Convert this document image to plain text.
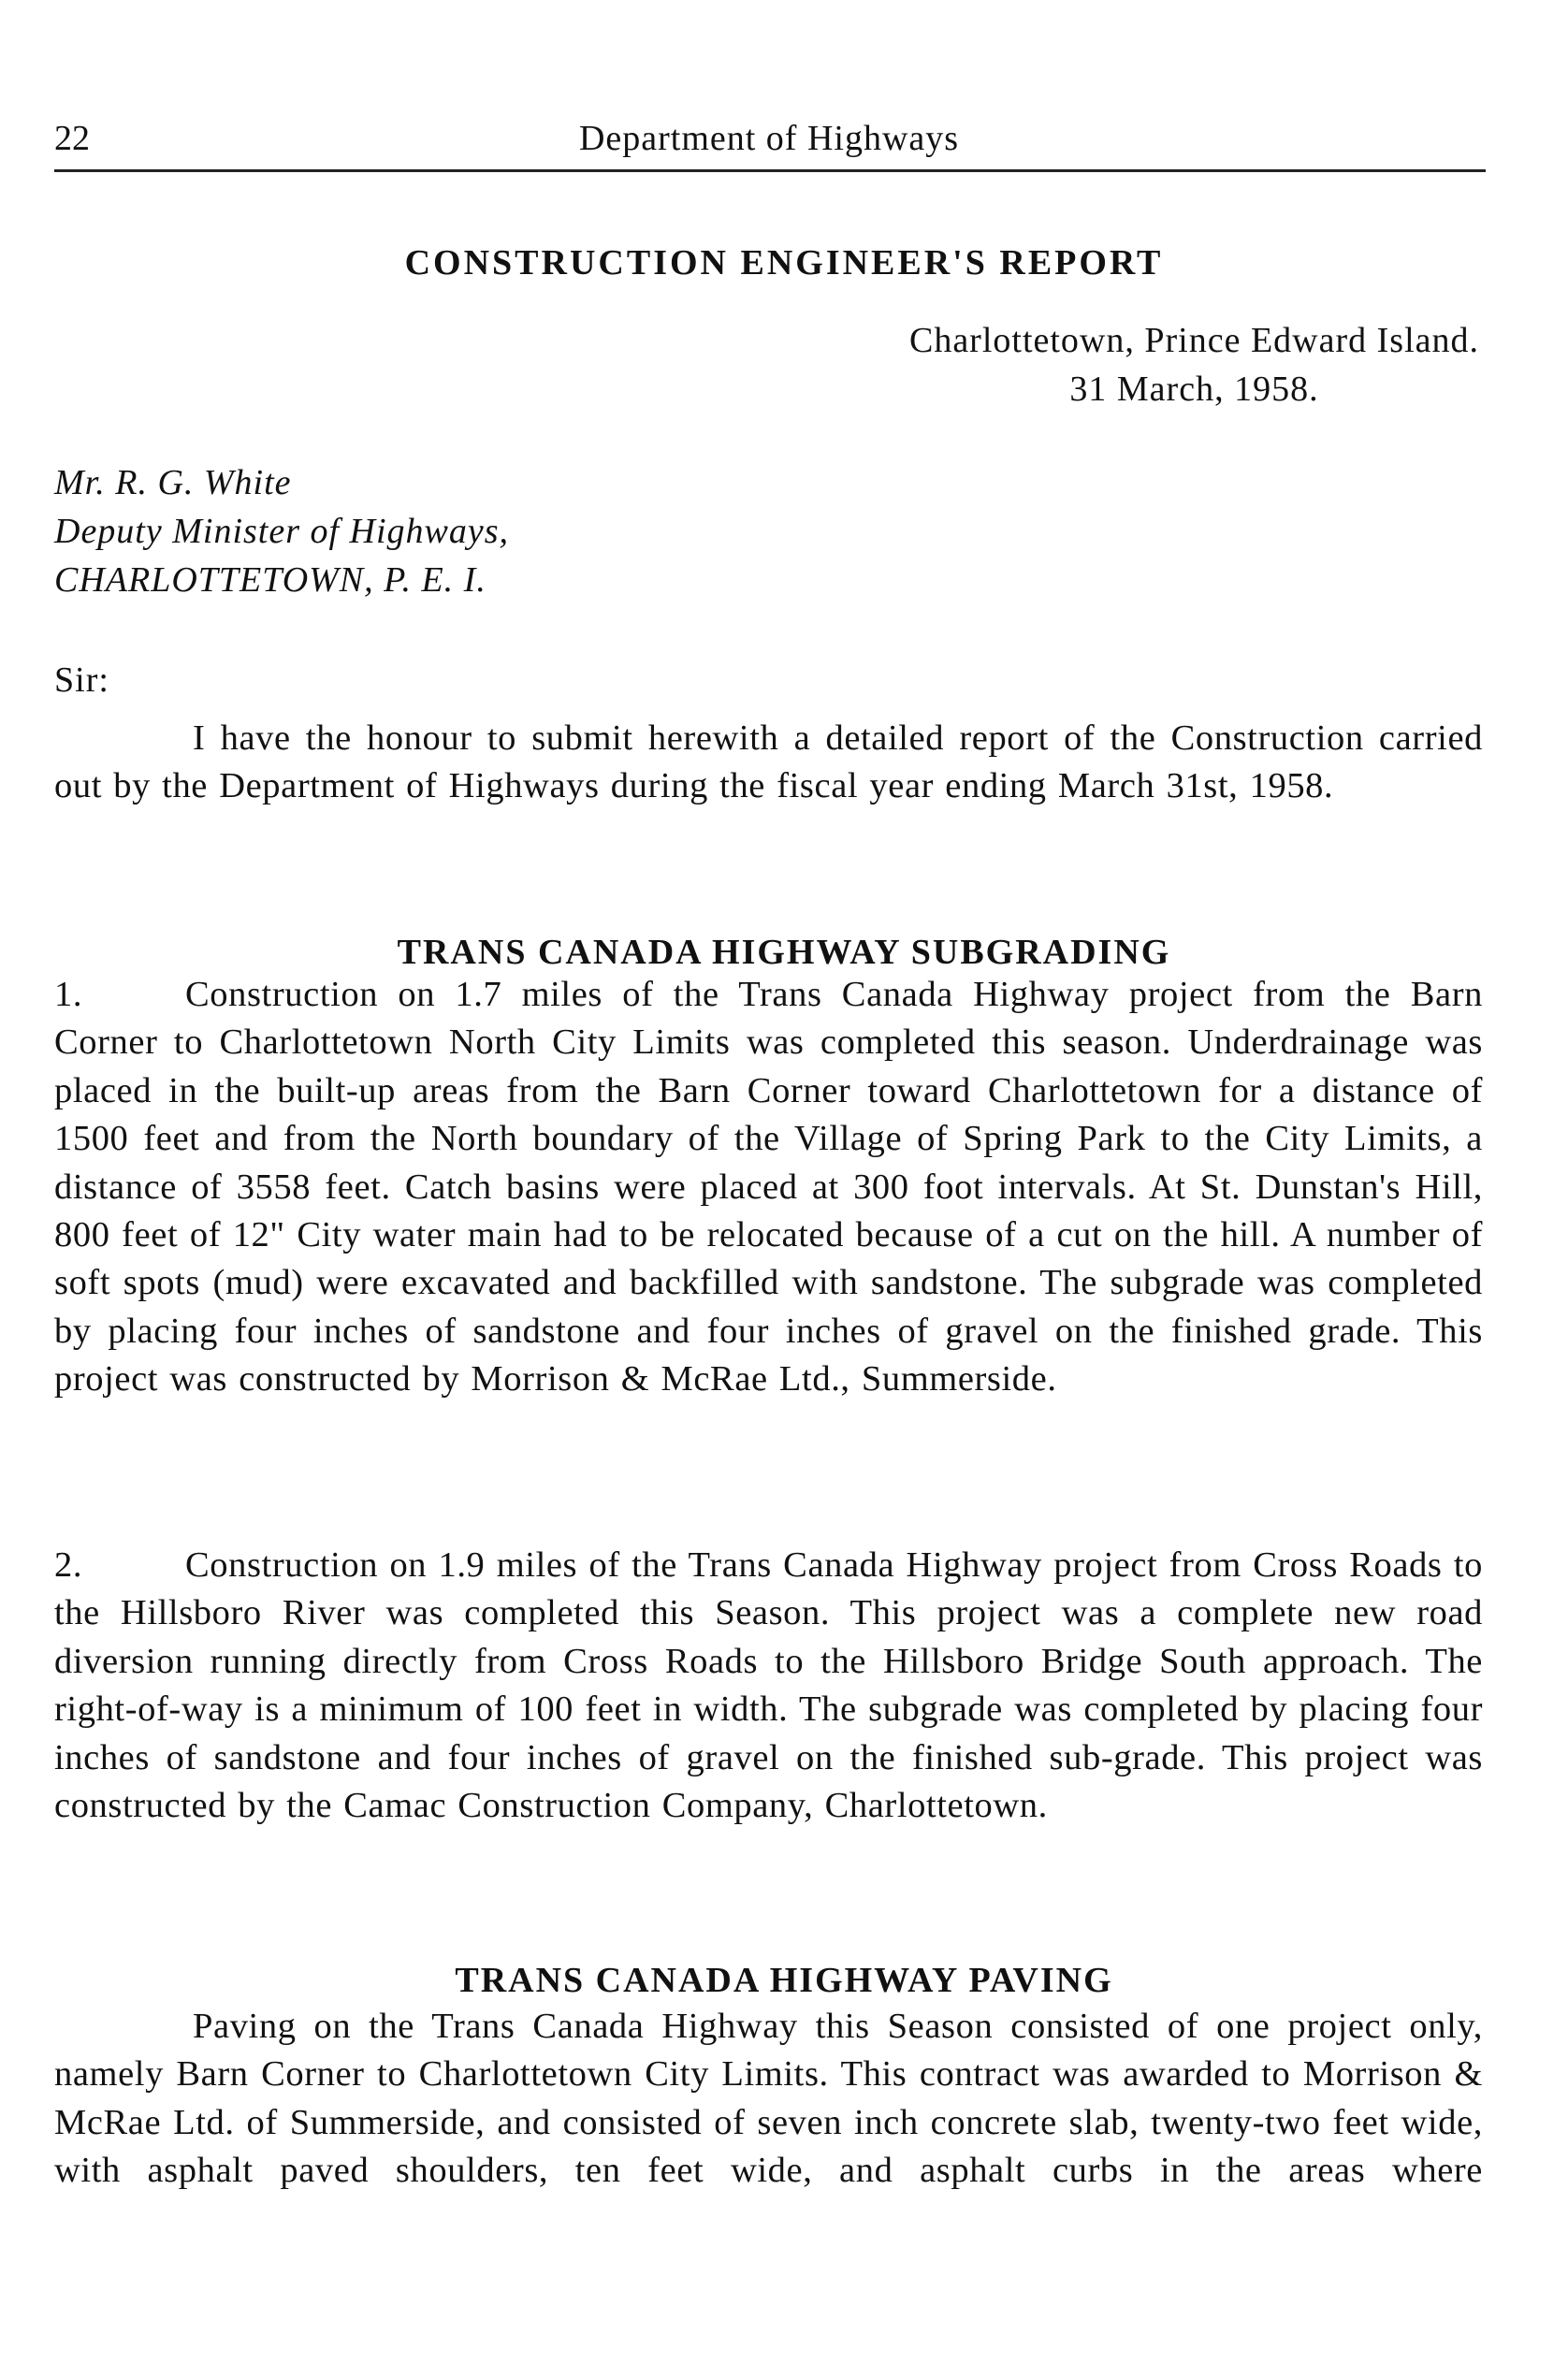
22	Department of Highways
CONSTRUCTION ENGINEER'S REPORT
Charlottetown, Prince Edward Island.
31 March, 1958.
Mr. R. G. White
Deputy Minister of Highways,
CHARLOTTETOWN, P. E. I.
Sir:

I have the honour to submit herewith a detailed report of the Construction carried out by the Department of Highways during the fiscal year ending March 31st, 1958.

TRANS CANADA HIGHWAY SUBGRADING

1.	Construction on 1.7 miles of the Trans Canada Highway project from the Barn Corner to Charlottetown North City Limits was completed this season. Underdrainage was placed in the built-up areas from the Barn Corner toward Charlottetown for a distance of 1500 feet and from the North boundary of the Village of Spring Park to the City Limits, a distance of 3558 feet. Catch basins were placed at 300 foot intervals. At St. Dunstan's Hill, 800 feet of 12" City water main had to be relocated because of a cut on the hill. A number of soft spots (mud) were excavated and backfilled with sandstone. The subgrade was completed by placing four inches of sandstone and four inches of gravel on the finished grade. This project was constructed by Morrison & McRae Ltd., Summerside.

2.	Construction on 1.9 miles of the Trans Canada Highway project from Cross Roads to the Hillsboro River was completed this Season. This project was a complete new road diversion running directly from Cross Roads to the Hillsboro Bridge South approach. The right-of-way is a minimum of 100 feet in width. The subgrade was completed by placing four inches of sandstone and four inches of gravel on the finished sub-grade. This project was constructed by the Camac Construction Company, Charlottetown.

TRANS CANADA HIGHWAY PAVING

Paving on the Trans Canada Highway this Season consisted of one project only, namely Barn Corner to Charlottetown City Limits. This contract was awarded to Morrison & McRae Ltd. of Summerside, and consisted of seven inch concrete slab, twenty-two feet wide, with asphalt paved shoulders, ten feet wide, and asphalt curbs in the areas where
